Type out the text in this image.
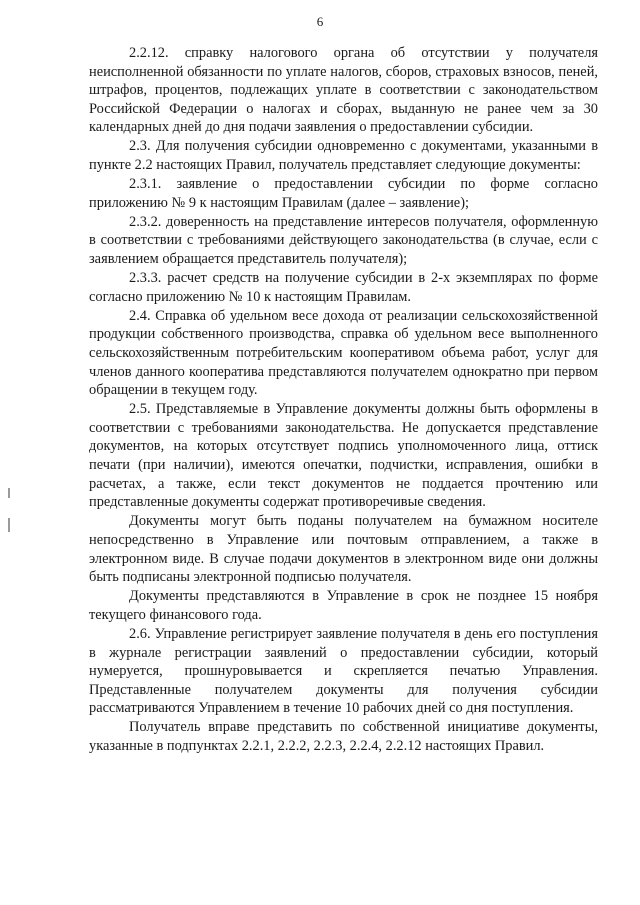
6

2.2.12. справку налогового органа об отсутствии у получателя неисполненной обязанности по уплате налогов, сборов, страховых взносов, пеней, штрафов, процентов, подлежащих уплате в соответствии с законодательством Российской Федерации о налогах и сборах, выданную не ранее чем за 30 календарных дней до дня подачи заявления о предоставлении субсидии.

2.3. Для получения субсидии одновременно с документами, указанными в пункте 2.2 настоящих Правил, получатель представляет следующие документы:

2.3.1. заявление о предоставлении субсидии по форме согласно приложению № 9 к настоящим Правилам (далее – заявление);

2.3.2. доверенность на представление интересов получателя, оформленную в соответствии с требованиями действующего законодательства (в случае, если с заявлением обращается представитель получателя);

2.3.3. расчет средств на получение субсидии в 2-х экземплярах по форме согласно приложению № 10 к настоящим Правилам.

2.4. Справка об удельном весе дохода от реализации сельскохозяйственной продукции собственного производства, справка об удельном весе выполненного сельскохозяйственным потребительским кооперативом объема работ, услуг для членов данного кооператива представляются получателем однократно при первом обращении в текущем году.

2.5. Представляемые в Управление документы должны быть оформлены в соответствии с требованиями законодательства. Не допускается представление документов, на которых отсутствует подпись уполномоченного лица, оттиск печати (при наличии), имеются опечатки, подчистки, исправления, ошибки в расчетах, а также, если текст документов не поддается прочтению или представленные документы содержат противоречивые сведения.

Документы могут быть поданы получателем на бумажном носителе непосредственно в Управление или почтовым отправлением, а также в электронном виде. В случае подачи документов в электронном виде они должны быть подписаны электронной подписью получателя.

Документы представляются в Управление в срок не позднее 15 ноября текущего финансового года.

2.6. Управление регистрирует заявление получателя в день его поступления в журнале регистрации заявлений о предоставлении субсидии, который нумеруется, прошнуровывается и скрепляется печатью Управления. Представленные получателем документы для получения субсидии рассматриваются Управлением в течение 10 рабочих дней со дня поступления.

Получатель вправе представить по собственной инициативе документы, указанные в подпунктах 2.2.1, 2.2.2, 2.2.3, 2.2.4, 2.2.12 настоящих Правил.
